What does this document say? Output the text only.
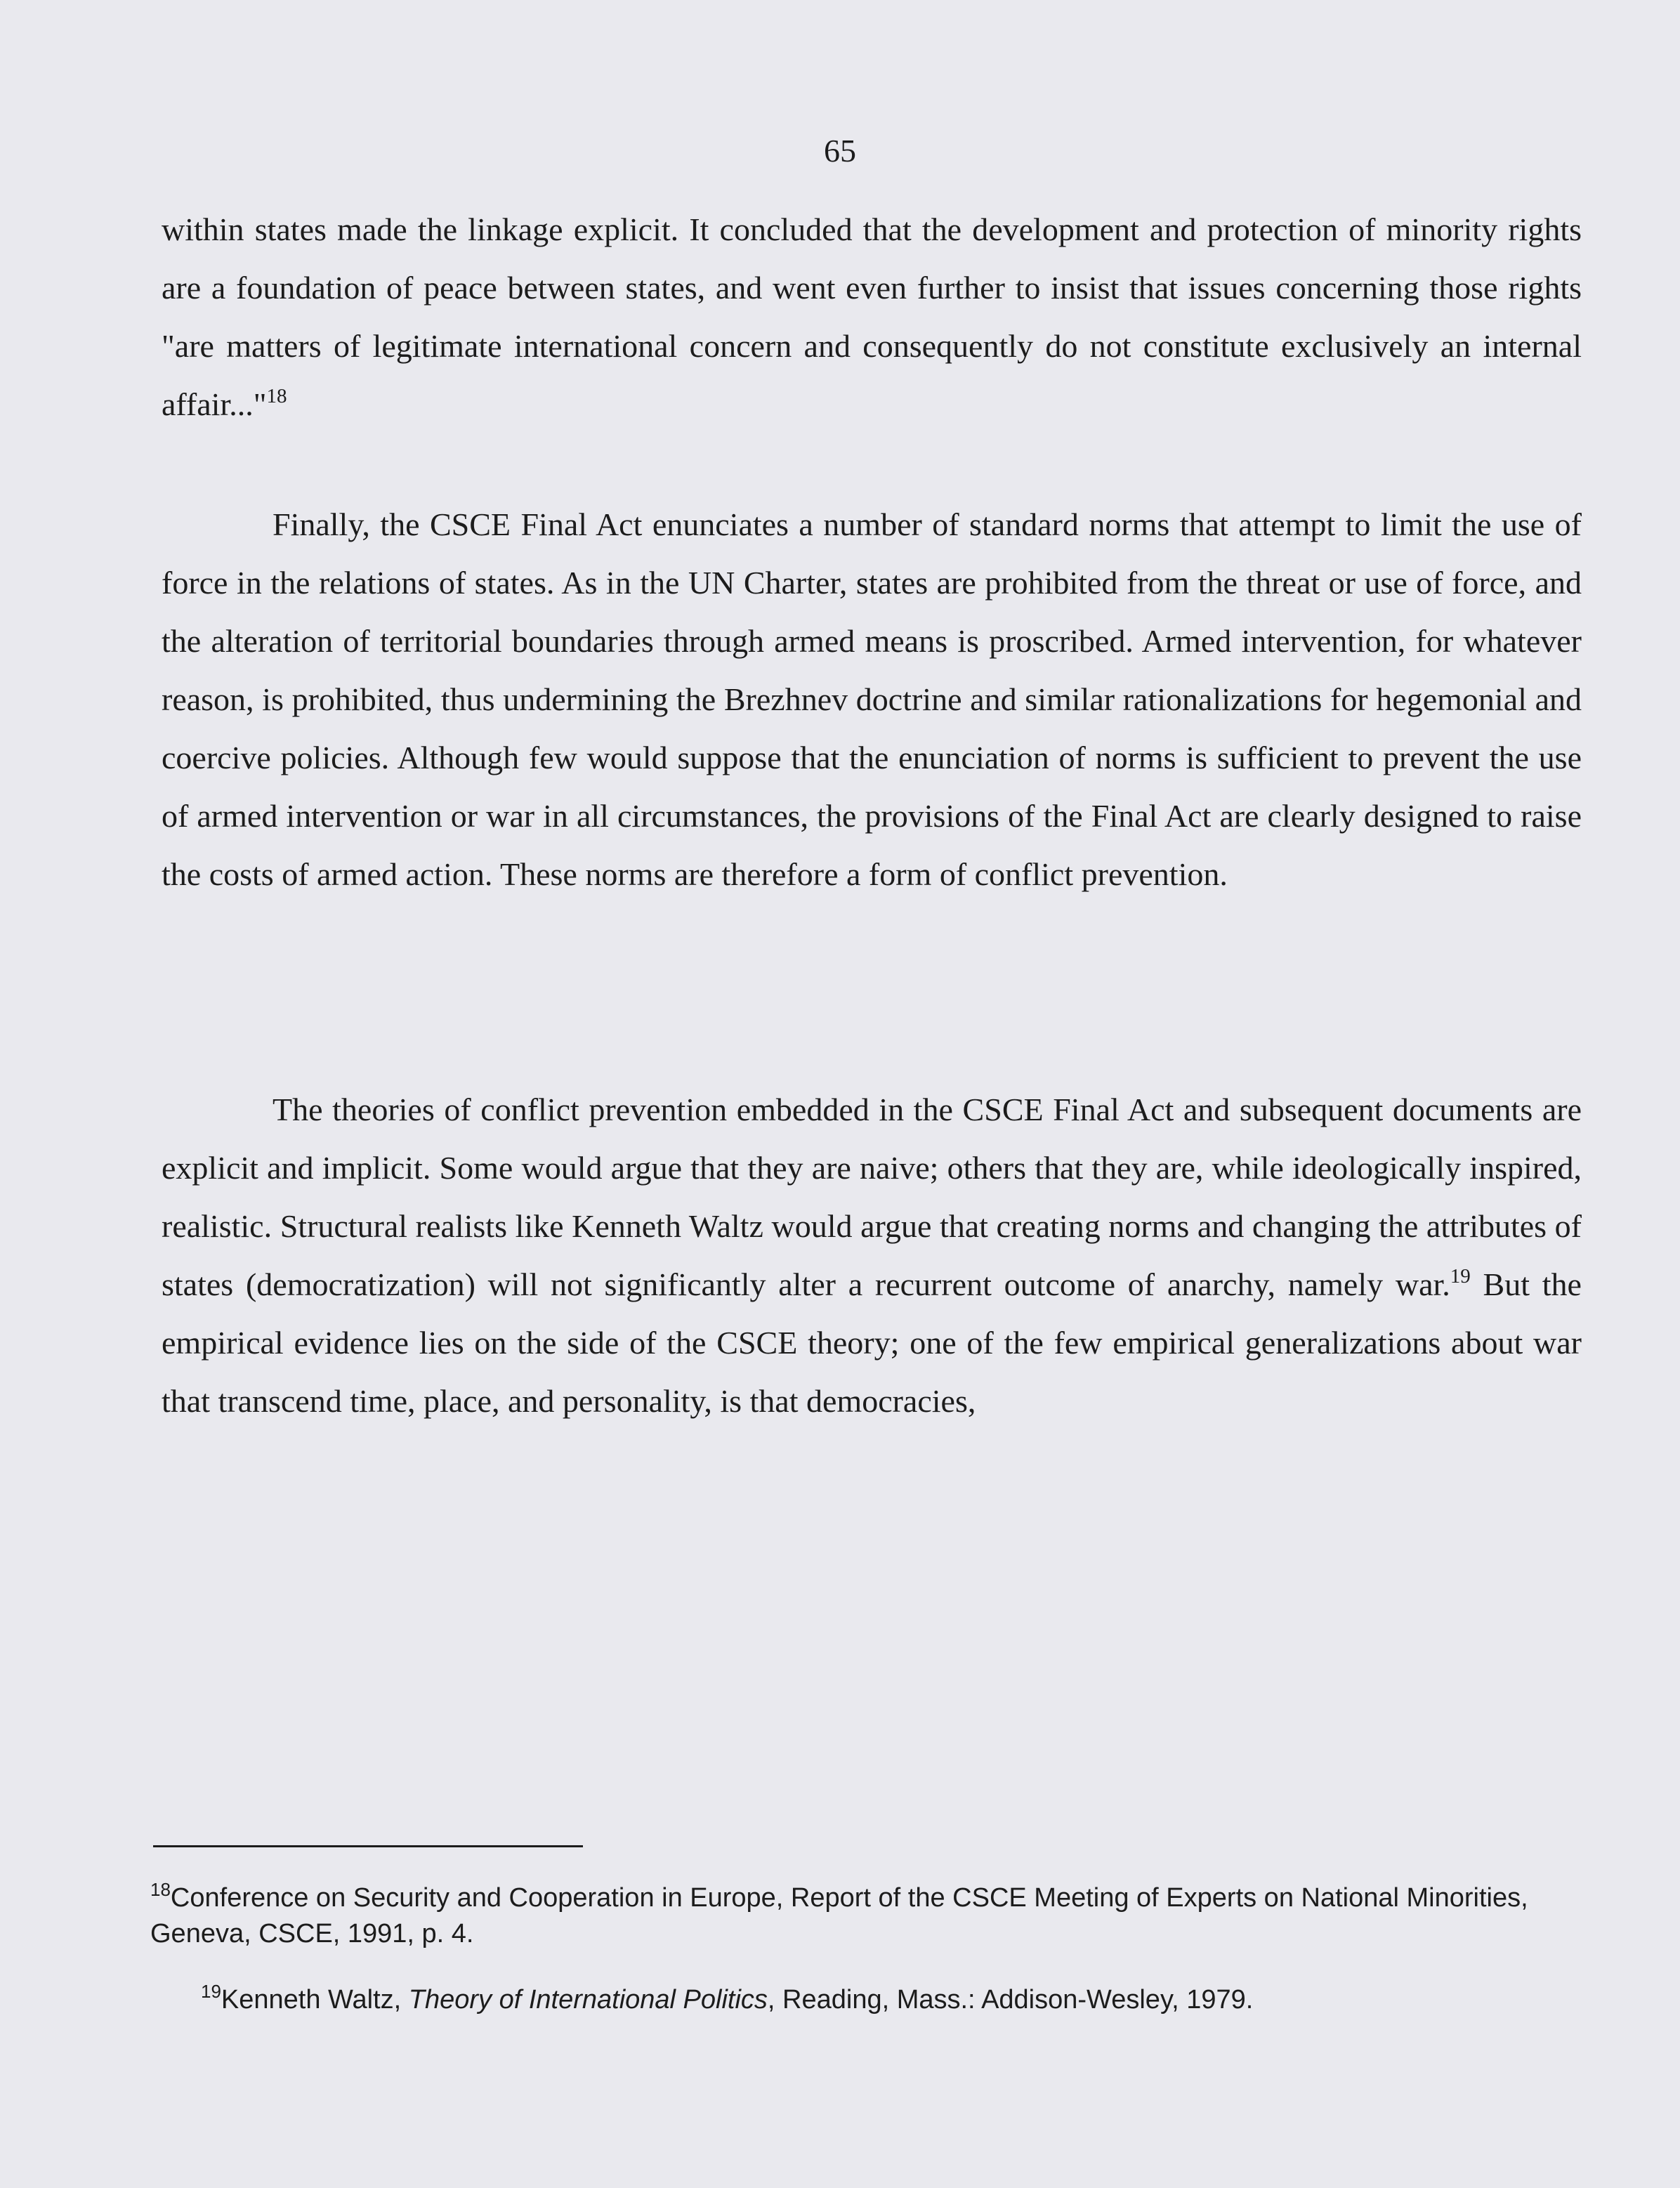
65

within states made the linkage explicit. It concluded that the development and protection of minority rights are a foundation of peace between states, and went even further to insist that issues concerning those rights "are matters of legitimate international concern and consequently do not constitute exclusively an internal affair..."$^{18}$

Finally, the CSCE Final Act enunciates a number of standard norms that attempt to limit the use of force in the relations of states. As in the UN Charter, states are prohibited from the threat or use of force, and the alteration of territorial boundaries through armed means is proscribed. Armed intervention, for whatever reason, is prohibited, thus undermining the Brezhnev doctrine and similar rationalizations for hegemonial and coercive policies. Although few would suppose that the enunciation of norms is sufficient to prevent the use of armed intervention or war in all circumstances, the provisions of the Final Act are clearly designed to raise the costs of armed action. These norms are therefore a form of conflict prevention.

The theories of conflict prevention embedded in the CSCE Final Act and subsequent documents are explicit and implicit. Some would argue that they are naive; others that they are, while ideologically inspired, realistic. Structural realists like Kenneth Waltz would argue that creating norms and changing the attributes of states (democratization) will not significantly alter a recurrent outcome of anarchy, namely war.$^{19}$ But the empirical evidence lies on the side of the CSCE theory; one of the few empirical generalizations about war that transcend time, place, and personality, is that democracies,

$^{18}$Conference on Security and Cooperation in Europe, Report of the CSCE Meeting of Experts on National Minorities, Geneva, CSCE, 1991, p. 4.

$^{19}$Kenneth Waltz, Theory of International Politics, Reading, Mass.: Addison-Wesley, 1979.
